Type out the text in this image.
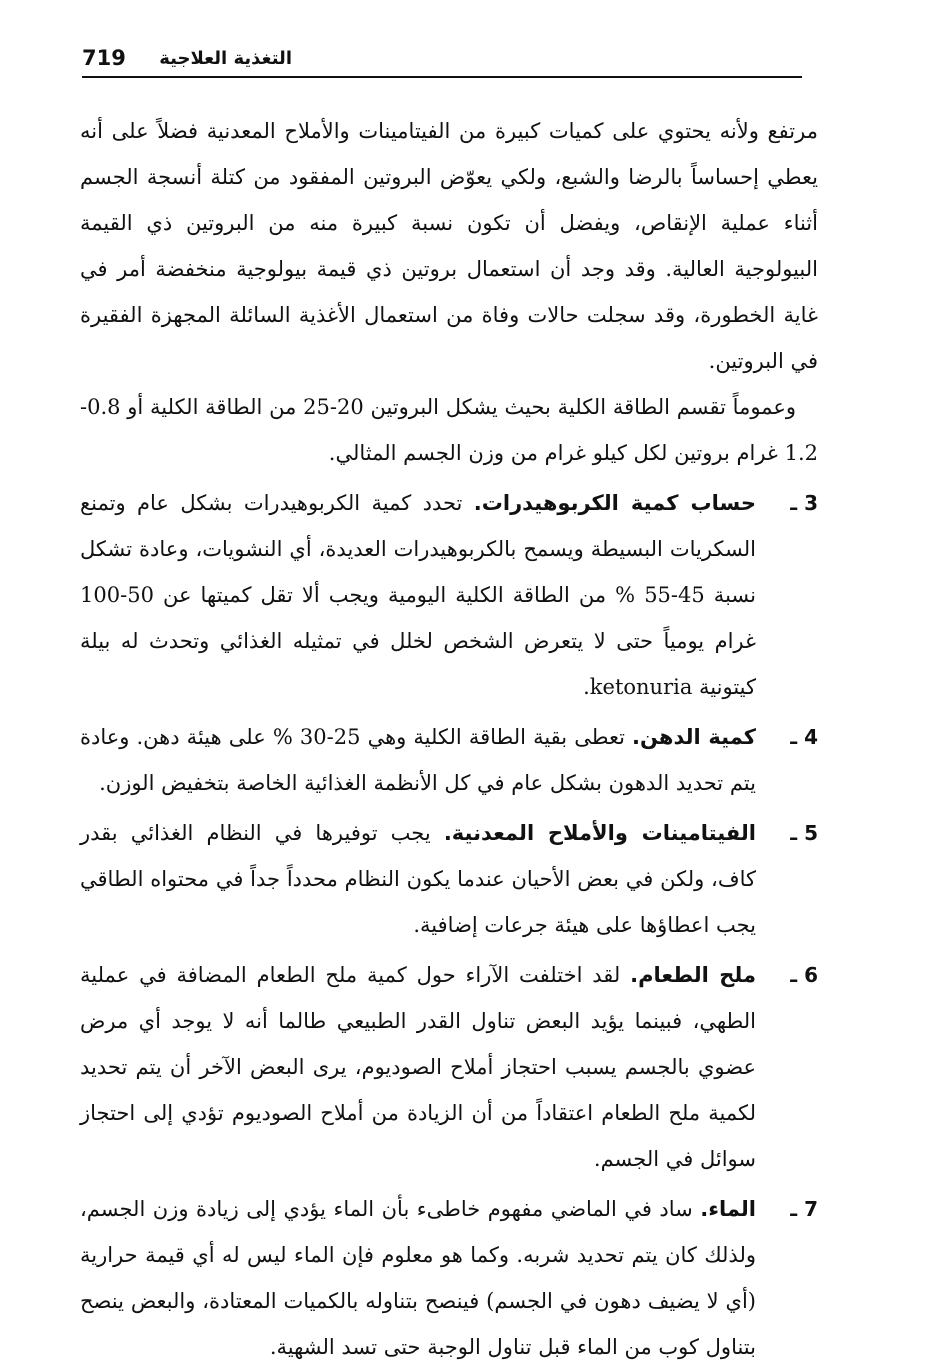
719 التغذية العلاجية

مرتفع ولأنه يحتوي على كميات كبيرة من الفيتامينات والأملاح المعدنية فضلاً على أنه يعطي إحساساً بالرضا والشبع، ولكي يعوّض البروتين المفقود من كتلة أنسجة الجسم أثناء عملية الإنقاص، ويفضل أن تكون نسبة كبيرة منه من البروتين ذي القيمة البيولوجية العالية. وقد وجد أن استعمال بروتين ذي قيمة بيولوجية منخفضة أمر في غاية الخطورة، وقد سجلت حالات وفاة من استعمال الأغذية السائلة المجهزة الفقيرة في البروتين.

وعموماً تقسم الطاقة الكلية بحيث يشكل البروتين 20-25 من الطاقة الكلية أو 0.8-1.2 غرام بروتين لكل كيلو غرام من وزن الجسم المثالي.

3 ـ

حساب كمية الكربوهيدرات. تحدد كمية الكربوهيدرات بشكل عام وتمنع السكريات البسيطة ويسمح بالكربوهيدرات العديدة، أي النشويات، وعادة تشكل نسبة 45-55 % من الطاقة الكلية اليومية ويجب ألا تقل كميتها عن 50-100 غرام يومياً حتى لا يتعرض الشخص لخلل في تمثيله الغذائي وتحدث له بيلة كيتونية ketonuria.

4 ـ

كمية الدهن. تعطى بقية الطاقة الكلية وهي 25-30 % على هيئة دهن. وعادة يتم تحديد الدهون بشكل عام في كل الأنظمة الغذائية الخاصة بتخفيض الوزن.

5 ـ

الفيتامينات والأملاح المعدنية. يجب توفيرها في النظام الغذائي بقدر كاف، ولكن في بعض الأحيان عندما يكون النظام محدداً جداً في محتواه الطاقي يجب اعطاؤها على هيئة جرعات إضافية.

6 ـ

ملح الطعام. لقد اختلفت الآراء حول كمية ملح الطعام المضافة في عملية الطهي، فبينما يؤيد البعض تناول القدر الطبيعي طالما أنه لا يوجد أي مرض عضوي بالجسم يسبب احتجاز أملاح الصوديوم، يرى البعض الآخر أن يتم تحديد لكمية ملح الطعام اعتقاداً من أن الزيادة من أملاح الصوديوم تؤدي إلى احتجاز سوائل في الجسم.

7 ـ

الماء. ساد في الماضي مفهوم خاطىء بأن الماء يؤدي إلى زيادة وزن الجسم، ولذلك كان يتم تحديد شربه. وكما هو معلوم فإن الماء ليس له أي قيمة حرارية (أي لا يضيف دهون في الجسم) فينصح بتناوله بالكميات المعتادة، والبعض ينصح بتناول كوب من الماء قبل تناول الوجبة حتى تسد الشهية.
